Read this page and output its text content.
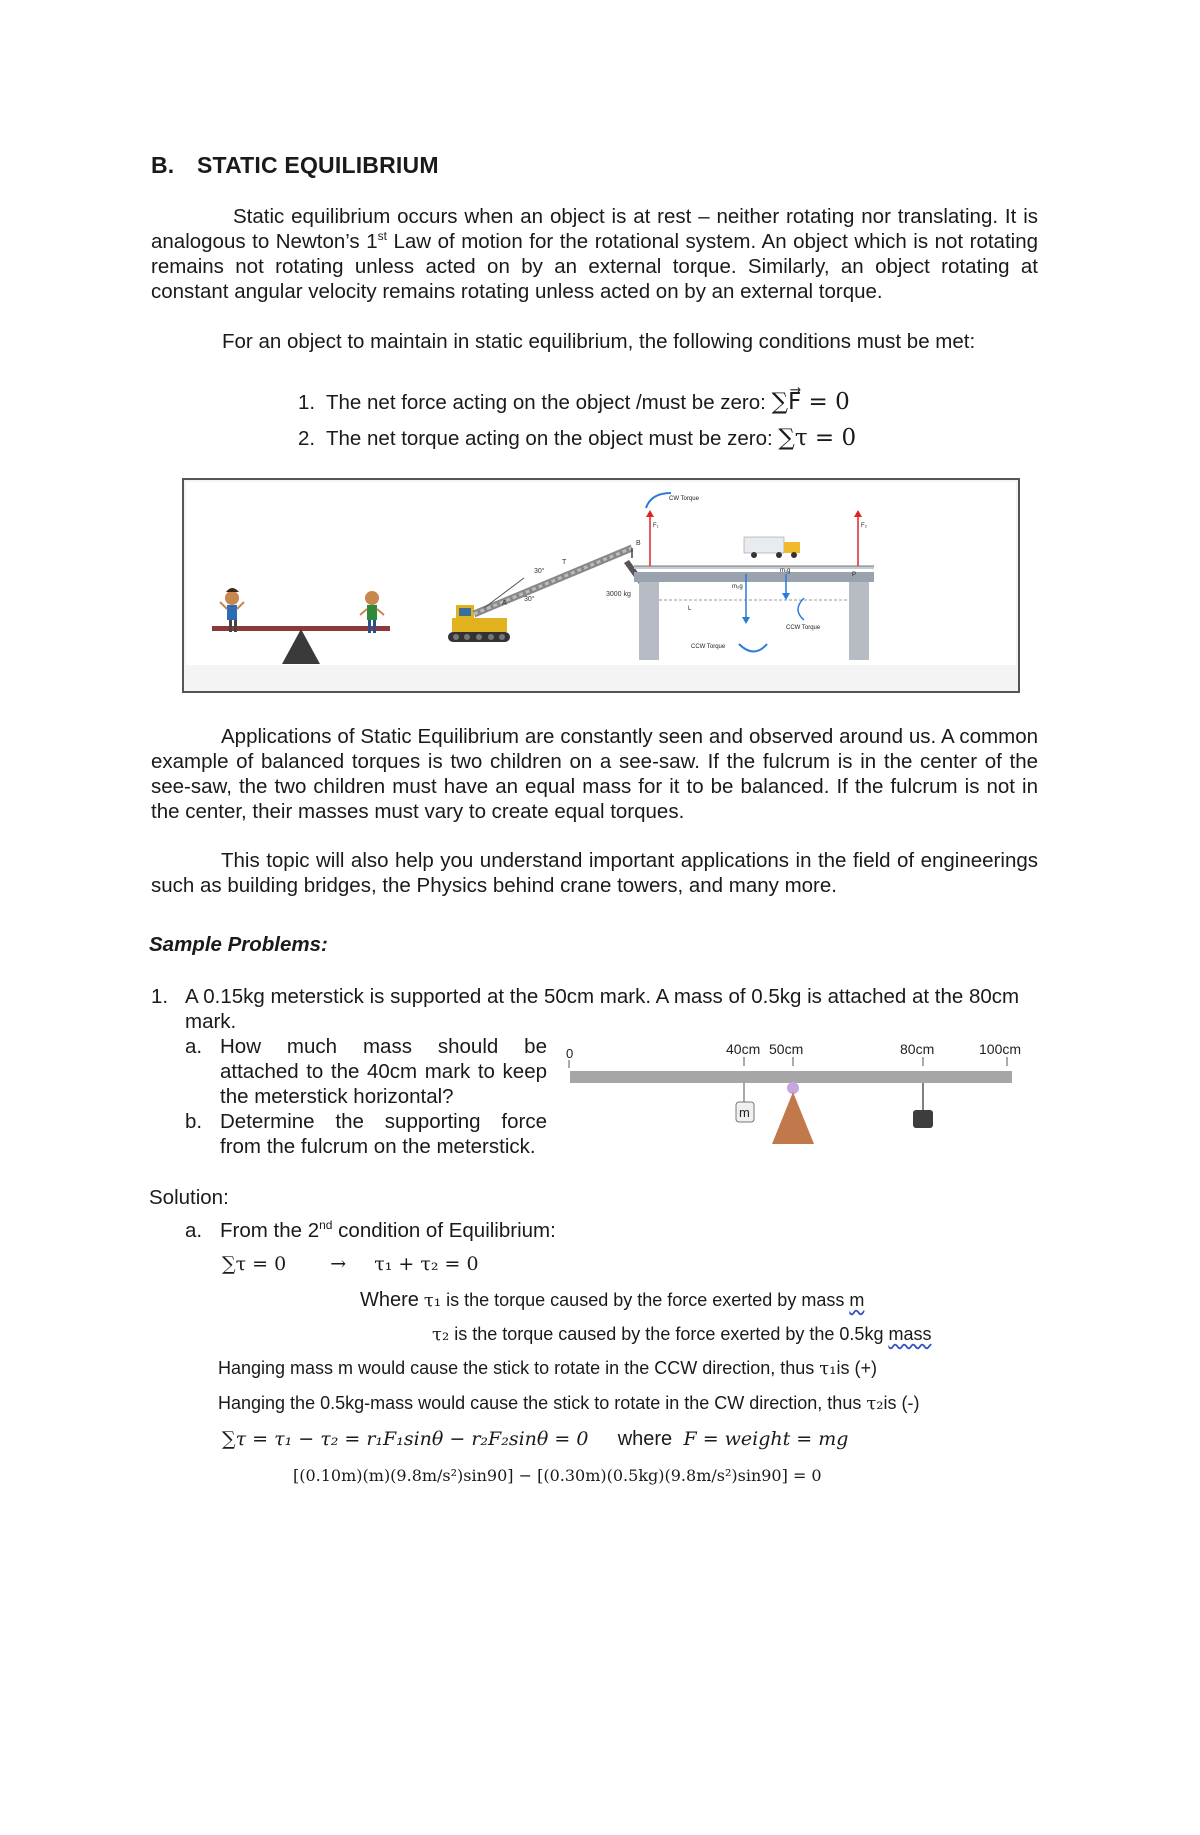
B. STATIC EQUILIBRIUM
Static equilibrium occurs when an object is at rest – neither rotating nor translating. It is analogous to Newton’s 1st Law of motion for the rotational system. An object which is not rotating remains not rotating unless acted on by an external torque. Similarly, an object rotating at constant angular velocity remains rotating unless acted on by an external torque.
For an object to maintain in static equilibrium, the following conditions must be met:
1. The net force acting on the object /must be zero: ∑F⃗ = 0
2. The net torque acting on the object must be zero: ∑τ = 0
30°
30°
3000 kg
T
A
B
F₁	F₂
CW Torque
m₂g
m₁g
L
P
CCW Torque
CCW Torque
Applications of Static Equilibrium are constantly seen and observed around us. A common example of balanced torques is two children on a see-saw. If the fulcrum is in the center of the see-saw, the two children must have an equal mass for it to be balanced. If the fulcrum is not in the center, their masses must vary to create equal torques.
This topic will also help you understand important applications in the field of engineerings such as building bridges, the Physics behind crane towers, and many more.
Sample Problems:
1. A 0.15kg meterstick is supported at the 50cm mark. A mass of 0.5kg is attached at the 80cm mark.
a. How much mass should be attached to the 40cm mark to keep the meterstick horizontal?
b. Determine the supporting force from the fulcrum on the meterstick.
0	40cm 50cm	80cm	100cm
m
Solution:
a. From the 2nd condition of Equilibrium:
∑τ = 0 → τ₁ + τ₂ = 0
Where τ₁ is the torque caused by the force exerted by mass m
τ₂ is the torque caused by the force exerted by the 0.5kg mass
Hanging mass m would cause the stick to rotate in the CCW direction, thus τ₁is (+)
Hanging the 0.5kg-mass would cause the stick to rotate in the CW direction, thus τ₂is (-)
∑τ = τ₁ − τ₂ = r₁F₁sinθ − r₂F₂sinθ = 0 where F = weight = mg
[(0.10m)(m)(9.8m/s²)sin90] − [(0.30m)(0.5kg)(9.8m/s²)sin90] = 0
